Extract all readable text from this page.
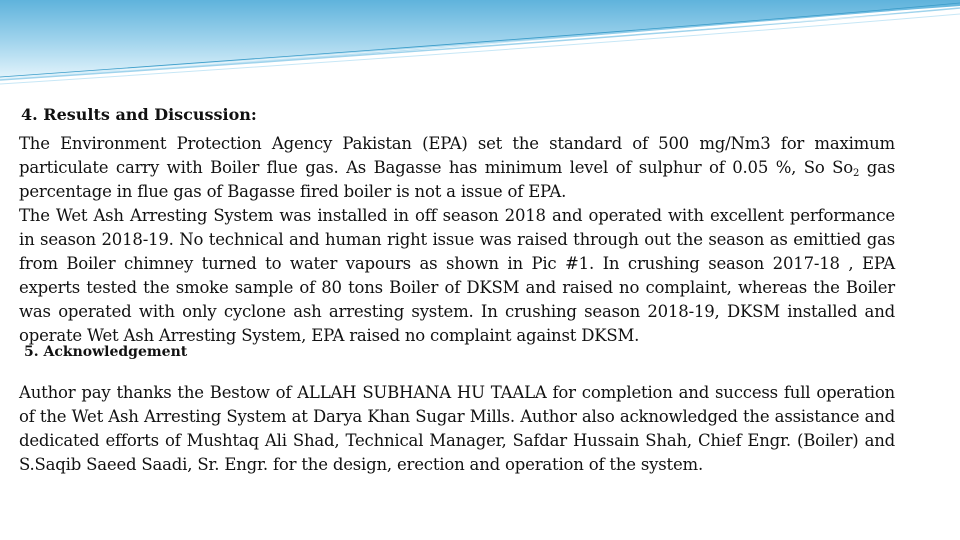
4. Results and Discussion:

The Environment Protection Agency Pakistan (EPA) set the standard of 500 mg/Nm3 for maximum particulate carry with Boiler flue gas. As Bagasse has minimum level of sulphur of 0.05 %, So $So_2$ gas percentage in flue gas of Bagasse fired boiler is not a issue of EPA.

The Wet Ash Arresting System was installed in off season 2018 and operated with excellent performance in season 2018-19. No technical and human right issue was raised through out the season as emittied gas from Boiler chimney turned to water vapours as shown in Pic #1. In crushing season 2017-18 , EPA experts tested the smoke sample of 80 tons Boiler of DKSM and raised no complaint, whereas the Boiler was operated with only cyclone ash arresting system. In crushing season 2018-19, DKSM installed and operate Wet Ash Arresting System, EPA raised no complaint against DKSM.

5. Acknowledgement

Author pay thanks the Bestow of ALLAH SUBHANA HU TAALA for completion and success full operation of the Wet Ash Arresting System at Darya Khan Sugar Mills. Author also acknowledged the assistance and dedicated efforts of Mushtaq Ali Shad, Technical Manager, Safdar Hussain Shah, Chief Engr. (Boiler) and S.Saqib Saeed Saadi, Sr. Engr. for the design, erection and operation of the system.
